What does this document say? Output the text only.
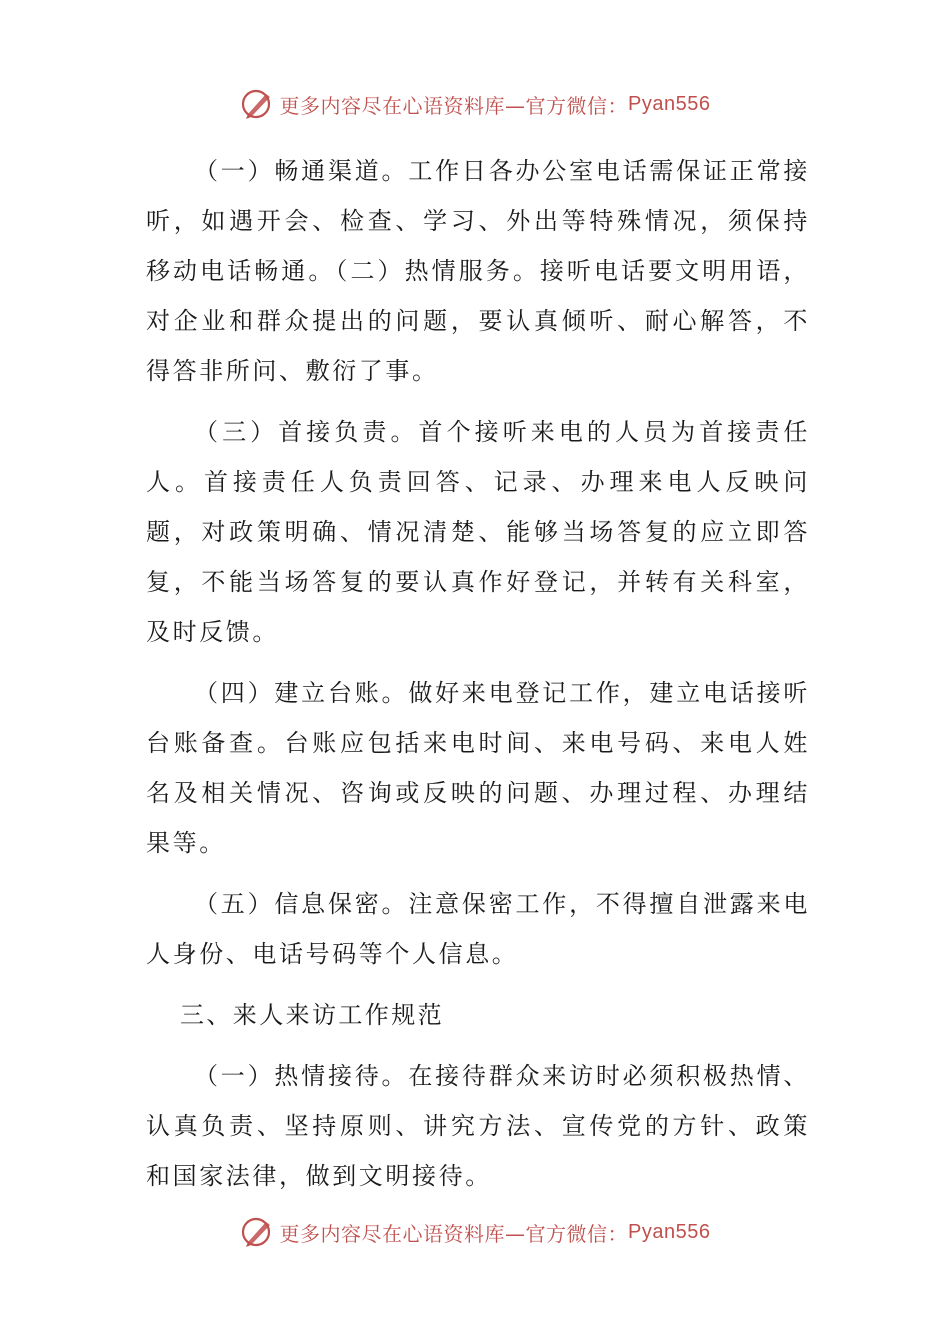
更多内容尽在心语资料库—官方微信： Pyan556

（一）畅通渠道。工作日各办公室电话需保证正常接听，如遇开会、检查、学习、外出等特殊情况，须保持移动电话畅通。（二）热情服务。接听电话要文明用语，对企业和群众提出的问题，要认真倾听、耐心解答，不得答非所问、敷衍了事。

（三）首接负责。首个接听来电的人员为首接责任人。首接责任人负责回答、记录、办理来电人反映问题，对政策明确、情况清楚、能够当场答复的应立即答复，不能当场答复的要认真作好登记，并转有关科室，及时反馈。

（四）建立台账。做好来电登记工作，建立电话接听台账备查。台账应包括来电时间、来电号码、来电人姓名及相关情况、咨询或反映的问题、办理过程、办理结果等。

（五）信息保密。注意保密工作，不得擅自泄露来电人身份、电话号码等个人信息。

三、来人来访工作规范

（一）热情接待。在接待群众来访时必须积极热情、认真负责、坚持原则、讲究方法、宣传党的方针、政策和国家法律，做到文明接待。

更多内容尽在心语资料库—官方微信： Pyan556
